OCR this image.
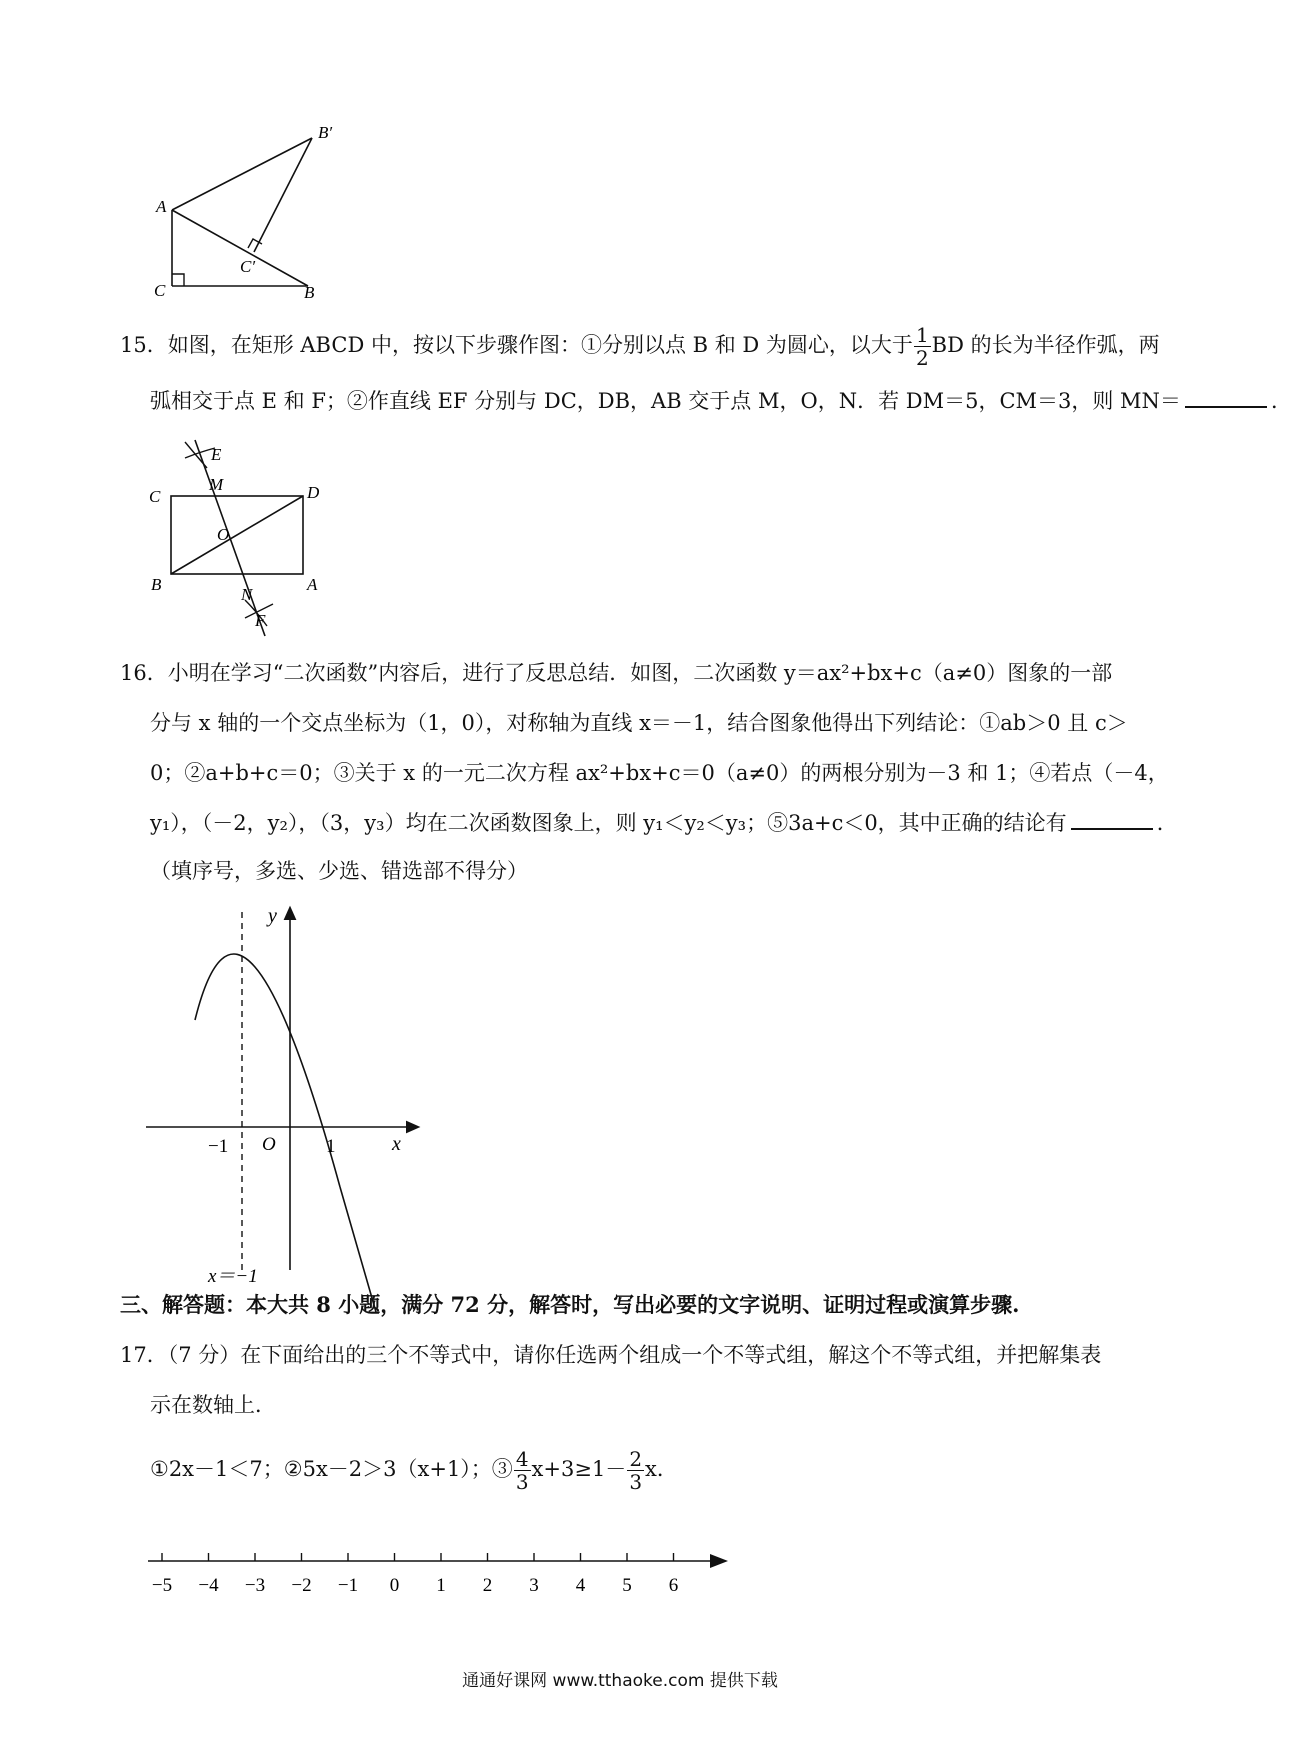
B′
A
C′
C	B
15．如图，在矩形 ABCD 中，按以下步骤作图：①分别以点 B 和 D 为圆心，以大于 $\frac{1}{2}$ BD 的长为半径作弧，两
弧相交于点 E 和 F；②作直线 EF 分别与 DC，DB，AB 交于点 M，O，N．若 DM＝5，CM＝3，则 MN＝	．
E
M
C	D
O
B
N
A
F
16．小明在学习“二次函数”内容后，进行了反思总结．如图，二次函数 y＝ax²+bx+c（a≠0）图象的一部
分与 x 轴的一个交点坐标为（1，0），对称轴为直线 x＝－1，结合图象他得出下列结论：①ab＞0 且 c＞
0；②a+b+c＝0；③关于 x 的一元二次方程 ax²+bx+c＝0（a≠0）的两根分别为－3 和 1；④若点（－4，
y₁），（－2，y₂），（3，y₃）均在二次函数图象上，则 y₁＜y₂＜y₃；⑤3a+c＜0，其中正确的结论有	．
（填序号，多选、少选、错选部不得分）
y
x
−1 O	1
x＝−1
三、解答题：本大共 8 小题，满分 72 分，解答时，写出必要的文字说明、证明过程或演算步骤.
17．（7 分）在下面给出的三个不等式中，请你任选两个组成一个不等式组，解这个不等式组，并把解集表
示在数轴上．
①2x－1＜7；②5x－2＞3（x+1）；③ $\frac{4}{3} x+3\ge 1- \frac{2}{3}$ x．
−5 −4 −3 −2 −1 0 1 2 3 4 5 6
通通好课网 www.tthaoke.com 提供下载
